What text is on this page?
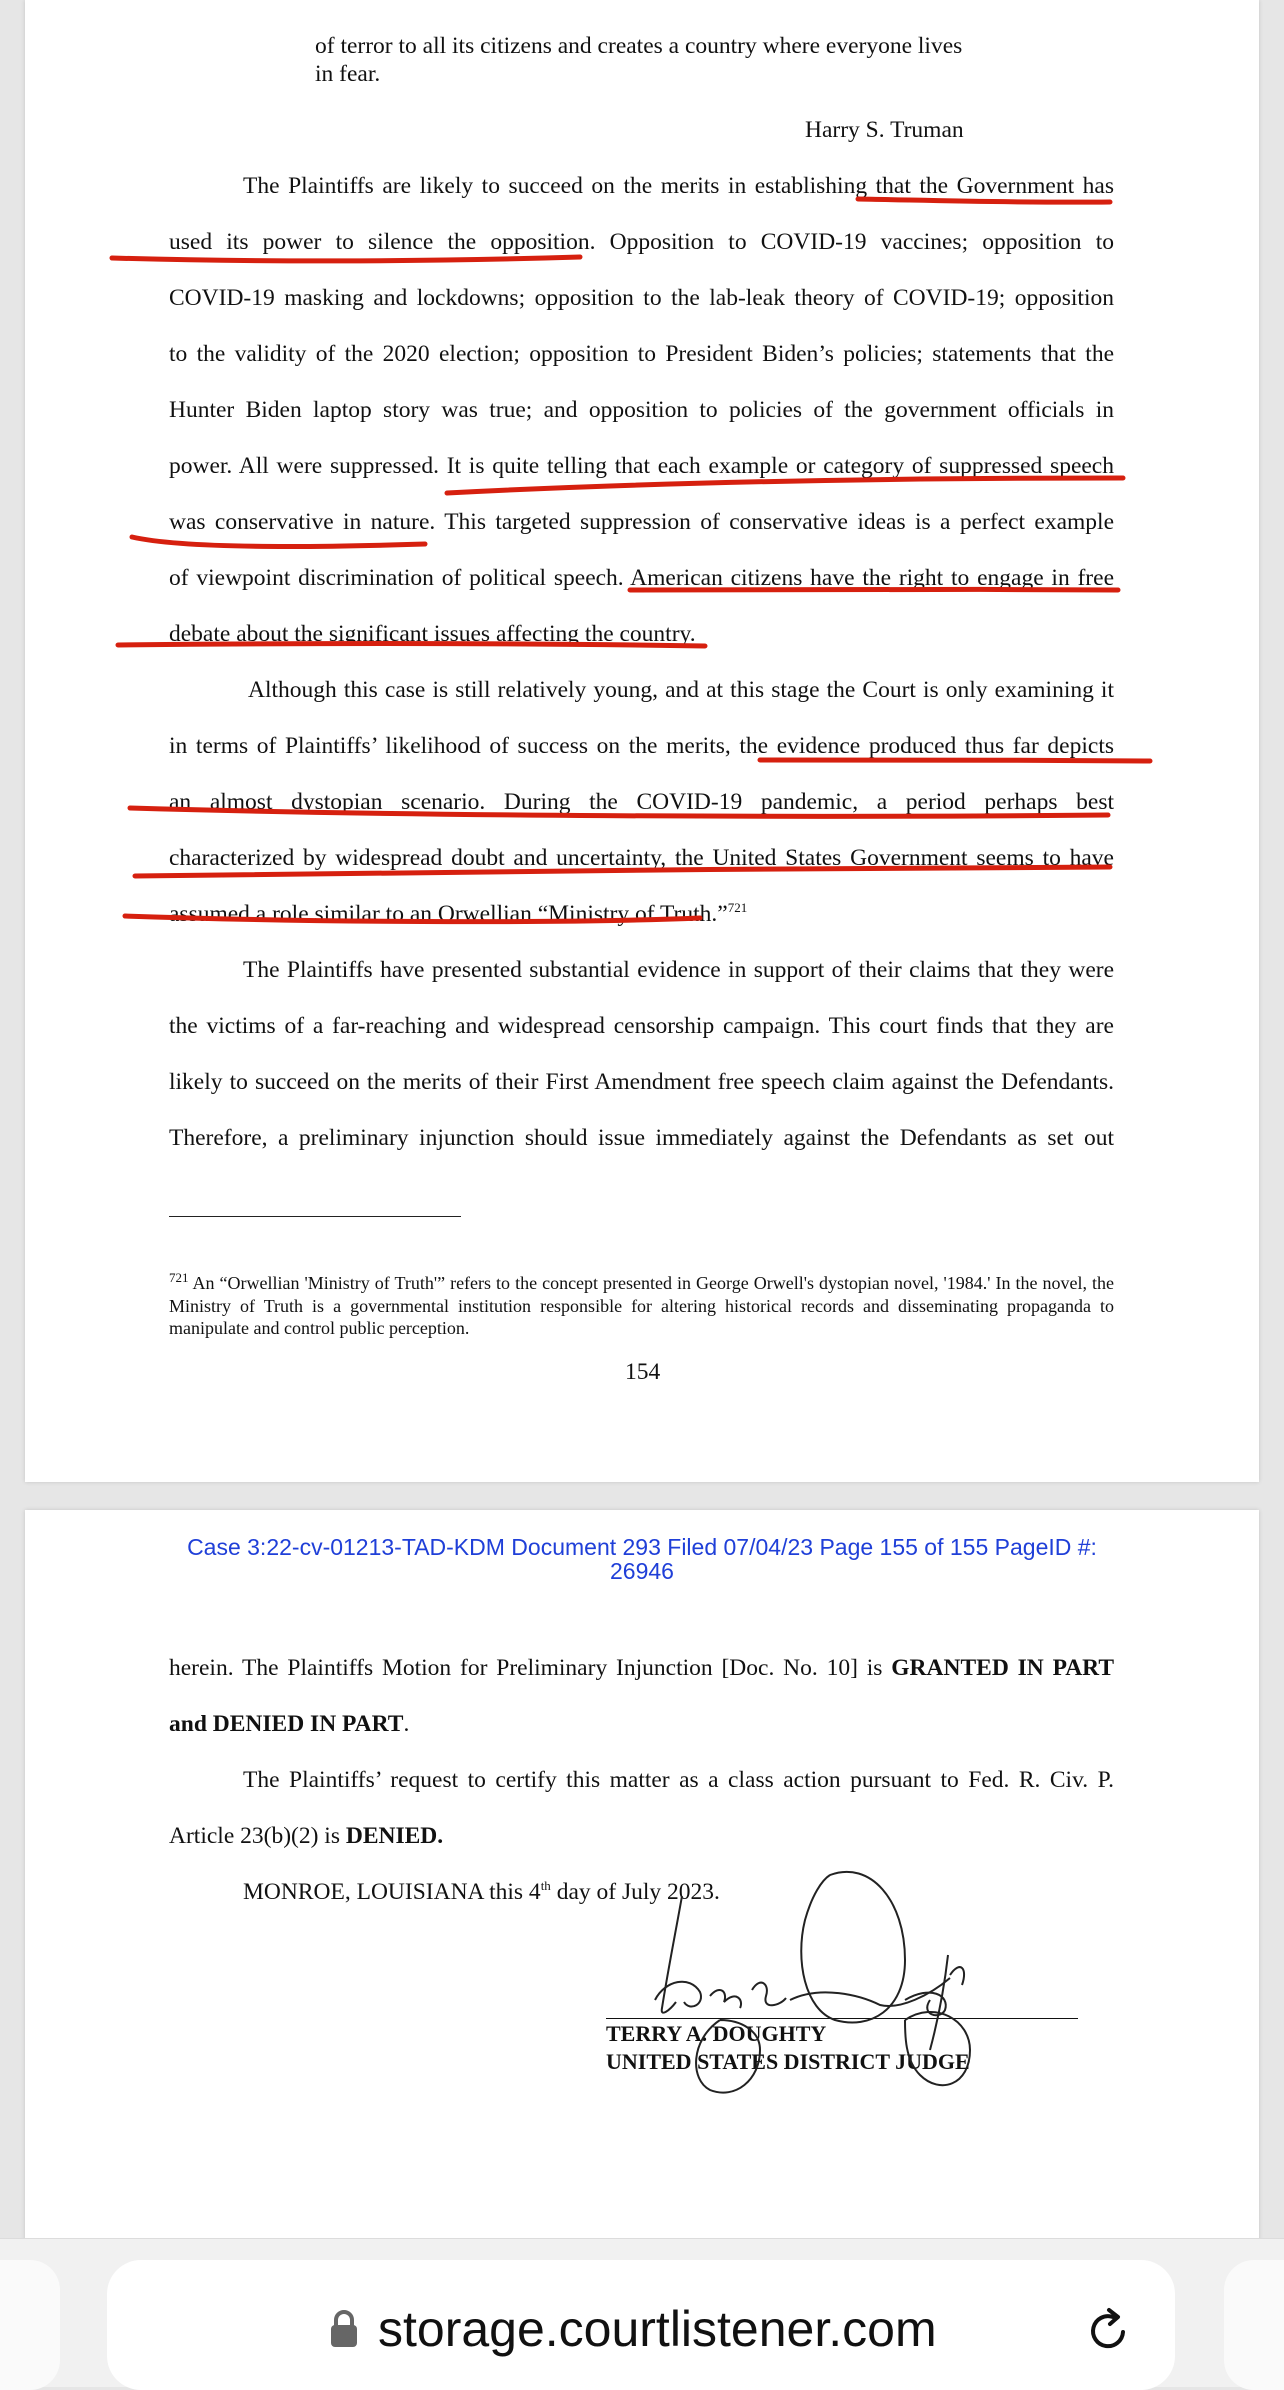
of terror to all its citizens and creates a country where everyone lives
in fear.
Harry S. Truman
The Plaintiffs are likely to succeed on the merits in establishing that the Government has
used its power to silence the opposition. Opposition to COVID-19 vaccines; opposition to
COVID-19 masking and lockdowns; opposition to the lab-leak theory of COVID-19; opposition
to the validity of the 2020 election; opposition to President Biden’s policies; statements that the
Hunter Biden laptop story was true; and opposition to policies of the government officials in
power. All were suppressed. It is quite telling that each example or category of suppressed speech
was conservative in nature. This targeted suppression of conservative ideas is a perfect example
of viewpoint discrimination of political speech. American citizens have the right to engage in free
debate about the significant issues affecting the country.
Although this case is still relatively young, and at this stage the Court is only examining it
in terms of Plaintiffs’ likelihood of success on the merits, the evidence produced thus far depicts
an almost dystopian scenario. During the COVID-19 pandemic, a period perhaps best
characterized by widespread doubt and uncertainty, the United States Government seems to have
assumed a role similar to an Orwellian “Ministry of Truth.”$^{721}$
The Plaintiffs have presented substantial evidence in support of their claims that they were
the victims of a far-reaching and widespread censorship campaign. This court finds that they are
likely to succeed on the merits of their First Amendment free speech claim against the Defendants.
Therefore, a preliminary injunction should issue immediately against the Defendants as set out
$^{721}$ An “Orwellian 'Ministry of Truth'” refers to the concept presented in George Orwell's dystopian novel, '1984.' In the novel, the Ministry of Truth is a governmental institution responsible for altering historical records and disseminating propaganda to manipulate and control public perception.
154
Case 3:22-cv-01213-TAD-KDM Document 293 Filed 07/04/23 Page 155 of 155 PageID #:
26946
herein. The Plaintiffs Motion for Preliminary Injunction [Doc. No. 10] is GRANTED IN PART
and DENIED IN PART.
The Plaintiffs’ request to certify this matter as a class action pursuant to Fed. R. Civ. P.
Article 23(b)(2) is DENIED.
MONROE, LOUISIANA this 4th day of July 2023.
TERRY A. DOUGHTY
UNITED STATES DISTRICT JUDGE
storage.courtlistener.com
